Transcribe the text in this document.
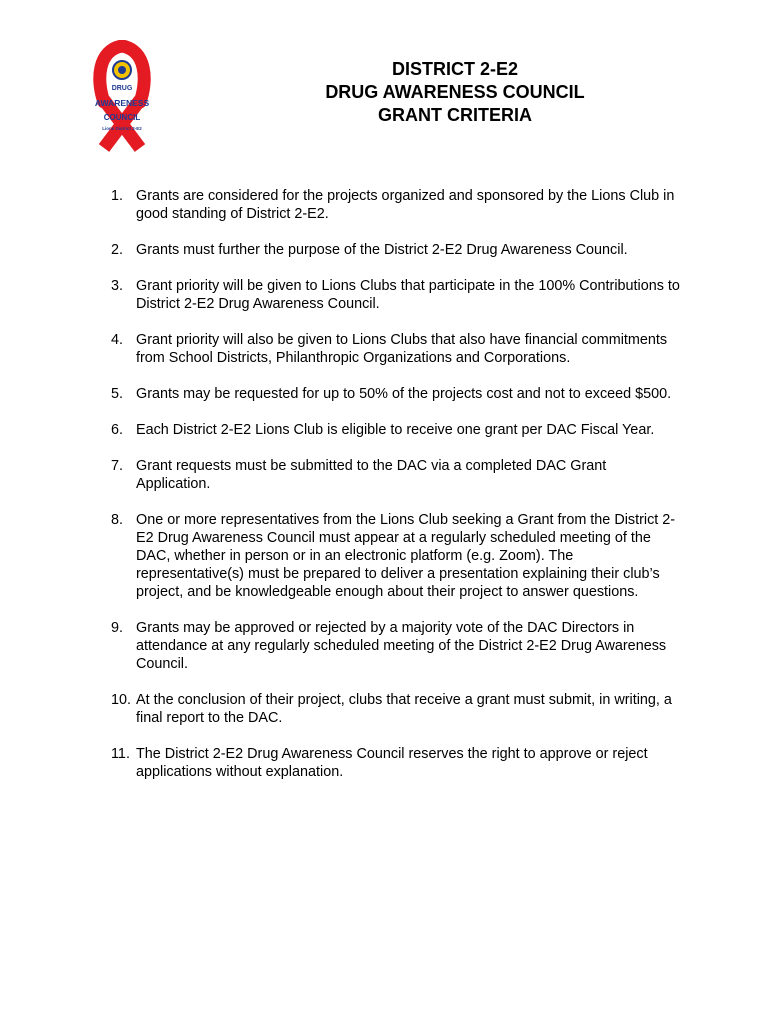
DRUG
AWARENESS
COUNCIL
Lions District 2-E2
DISTRICT 2-E2
DRUG AWARENESS COUNCIL
GRANT CRITERIA
1. Grants are considered for the projects organized and sponsored by the Lions Club in good standing of District 2-E2.
2. Grants must further the purpose of the District 2-E2 Drug Awareness Council.
3. Grant priority will be given to Lions Clubs that participate in the 100% Contributions to District 2-E2 Drug Awareness Council.
4. Grant priority will also be given to Lions Clubs that also have financial commitments from School Districts, Philanthropic Organizations and Corporations.
5. Grants may be requested for up to 50% of the projects cost and not to exceed $500.
6. Each District 2-E2 Lions Club is eligible to receive one grant per DAC Fiscal Year.
7. Grant requests must be submitted to the DAC via a completed DAC Grant Application.
8. One or more representatives from the Lions Club seeking a Grant from the District 2-E2 Drug Awareness Council must appear at a regularly scheduled meeting of the DAC, whether in person or in an electronic platform (e.g. Zoom). The representative(s) must be prepared to deliver a presentation explaining their club’s project, and be knowledgeable enough about their project to answer questions.
9. Grants may be approved or rejected by a majority vote of the DAC Directors in attendance at any regularly scheduled meeting of the District 2-E2 Drug Awareness Council.
10. At the conclusion of their project, clubs that receive a grant must submit, in writing, a final report to the DAC.
11. The District 2-E2 Drug Awareness Council reserves the right to approve or reject applications without explanation.
